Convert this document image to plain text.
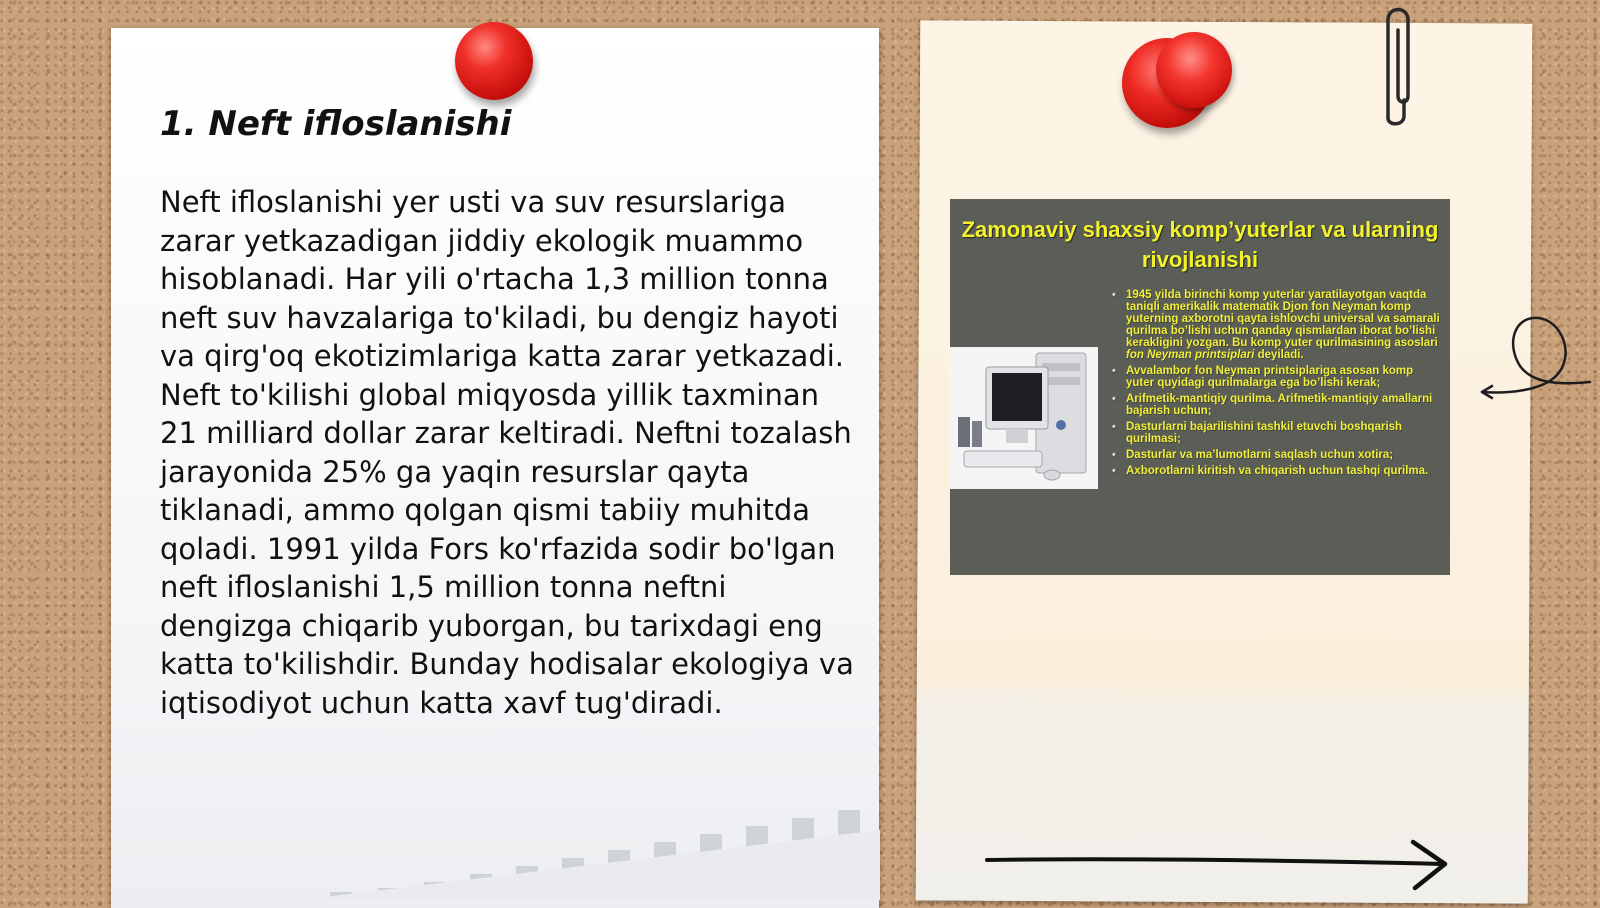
1. Neft ifloslanishi

Neft ifloslanishi yer usti va suv resurslariga zarar yetkazadigan jiddiy ekologik muammo hisoblanadi. Har yili o'rtacha 1,3 million tonna neft suv havzalariga to'kiladi, bu dengiz hayoti va qirg'oq ekotizimlariga katta zarar yetkazadi. Neft to'kilishi global miqyosda yillik taxminan 21 milliard dollar zarar keltiradi. Neftni tozalash jarayonida 25% ga yaqin resurslar qayta tiklanadi, ammo qolgan qismi tabiiy muhitda qoladi. 1991 yilda Fors ko'rfazida sodir bo'lgan neft ifloslanishi 1,5 million tonna neftni dengizga chiqarib yuborgan, bu tarixdagi eng katta to'kilishdir. Bunday hodisalar ekologiya va iqtisodiyot uchun katta xavf tug'diradi.

Zamonaviy shaxsiy komp’yuterlar va ularning rivojlanishi
• 1945 yilda birinchi komp yuterlar yaratilayotgan vaqtda taniqli amerikalik matematik Djon fon Neyman komp yuterning axborotni qayta ishlovchi universal va samarali qurilma bo’lishi uchun qanday qismlardan iborat bo’lishi kerakligini yozgan. Bu komp yuter qurilmasining asoslari fon Neyman printsiplari deyiladi.
• Avvalambor fon Neyman printsiplariga asosan komp yuter quyidagi qurilmalarga ega bo’lishi kerak;
• Arifmetik-mantiqiy qurilma. Arifmetik-mantiqiy amallarni bajarish uchun;
• Dasturlarni bajarilishini tashkil etuvchi boshqarish qurilmasi;
• Dasturlar va ma’lumotlarni saqlash uchun xotira;
• Axborotlarni kiritish va chiqarish uchun tashqi qurilma.
